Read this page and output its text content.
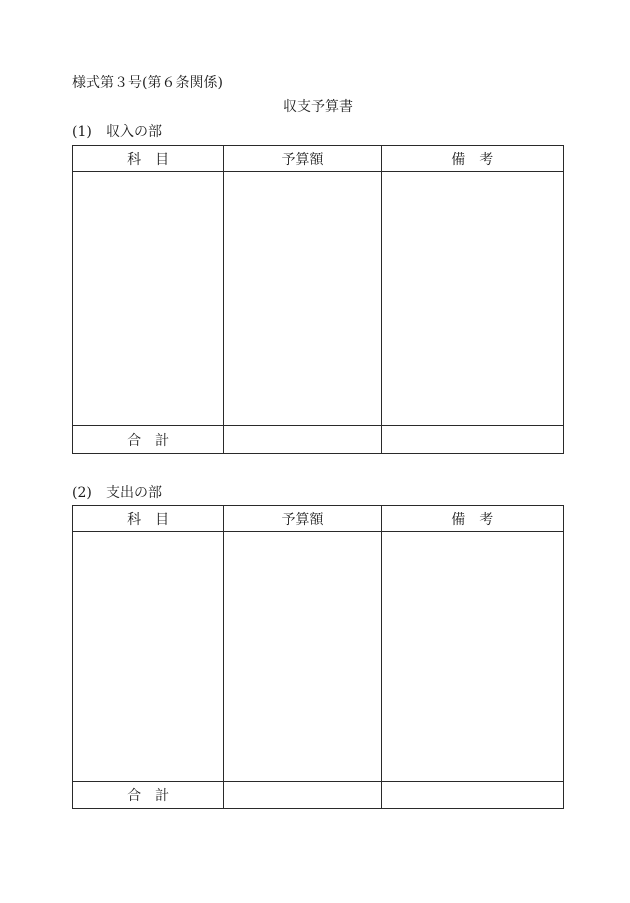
様式第３号(第６条関係)
収支予算書
(1) 収入の部
科　目	予算額	備　考

合　計		
(2) 支出の部
科　目	予算額	備　考

合　計		
